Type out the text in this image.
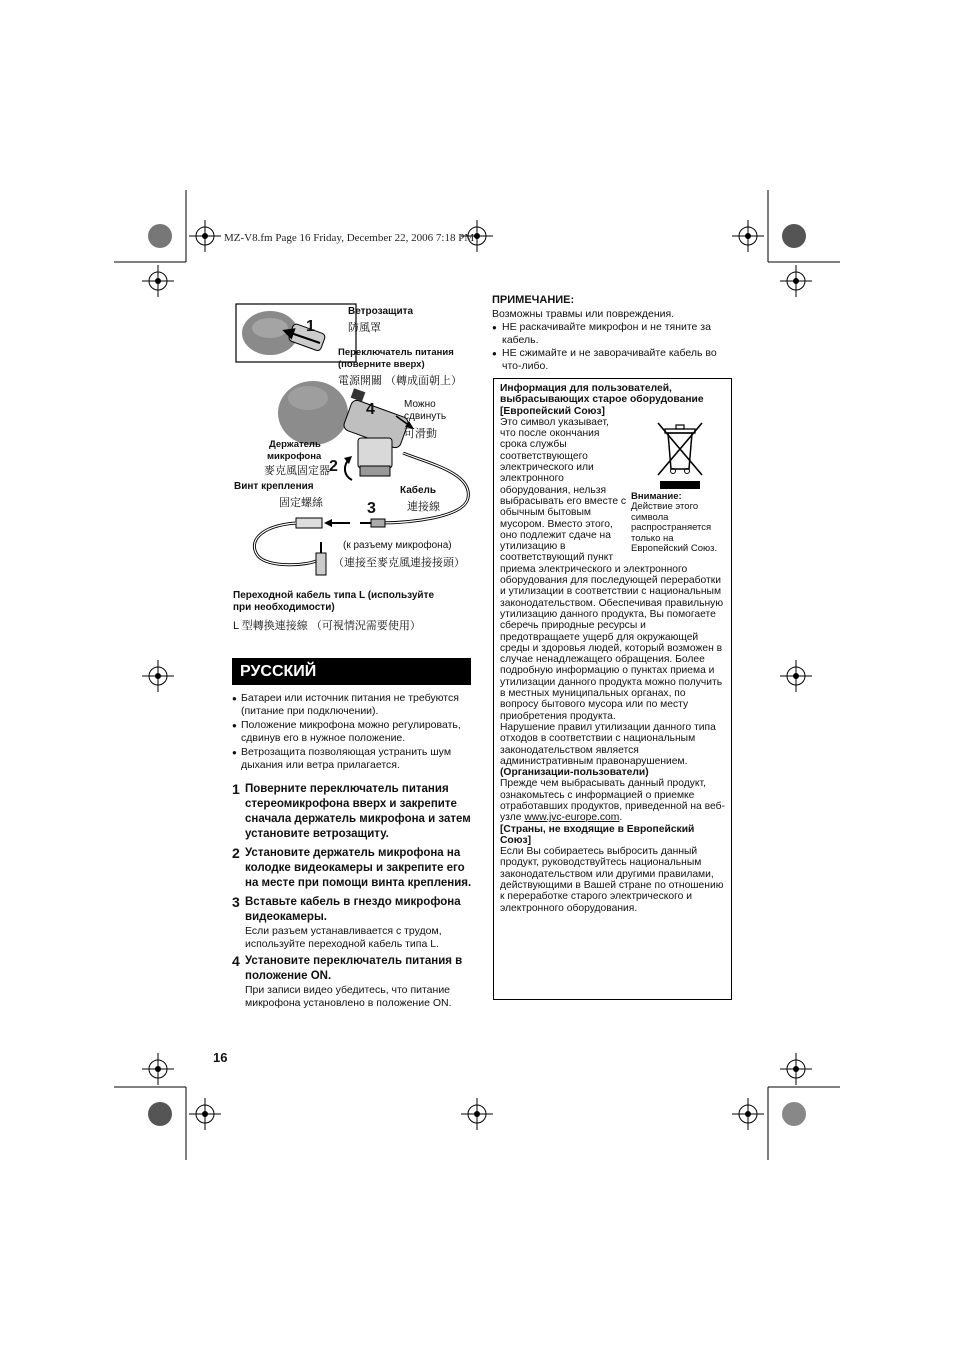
MZ-V8.fm Page 16 Friday, December 22, 2006 7:18 PM
1
4
2
3
Ветрозащита
防風罩
Переключатель питания
(поверните вверх)
電源開關 （轉成面朝上）
Можно
сдвинуть
可滑動
Держатель
микрофона
麥克風固定器
Винт крепления
固定螺絲
Кабель
連接線
(к разъему микрофона)
（連接至麥克風連接接頭）
Переходной кабель типа L (используйте
при необходимости)
L 型轉換連接線 （可視情況需要使用）
РУССКИЙ
● Батареи или источник питания не требуются (питание при подключении).
● Положение микрофона можно регулировать, сдвинув его в нужное положение.
● Ветрозащита позволяющая устранить шум дыхания или ветра прилагается.
1 Поверните переключатель питания стереомикрофона вверх и закрепите сначала держатель микрофона и затем установите ветрозащиту.
2 Установите держатель микрофона на колодке видеокамеры и закрепите его на месте при помощи винта крепления.
3 Вставьте кабель в гнездо микрофона видеокамеры.
Если разъем устанавливается с трудом, используйте переходной кабель типа L.
4 Установите переключатель питания в положение ON.
При записи видео убедитесь, что питание микрофона установлено в положение ON.
16
ПРИМЕЧАНИЕ:
Возможны травмы или повреждения.
● НЕ раскачивайте микрофон и не тяните за кабель.
● НЕ сжимайте и не заворачивайте кабель во что-либо.

Информация для пользователей, выбрасывающих старое оборудование

[Европейский Союз]

Внимание:
Действие этого символа распространяется только на Европейский Союз.

Это символ указывает, что после окончания срока службы соответствующего электрического или электронного оборудования, нельзя выбрасывать его вместе с обычным бытовым мусором. Вместо этого, оно подлежит сдаче на утилизацию в соответствующий пункт приема электрического и электронного оборудования для последующей переработки и утилизации в соответствии с национальным законодательством. Обеспечивая правильную утилизацию данного продукта, Вы помогаете сберечь природные ресурсы и предотвращаете ущерб для окружающей среды и здоровья людей, который возможен в случае ненадлежащего обращения. Более подробную информацию о пунктах приема и утилизации данного продукта можно получить в местных муниципальных органах, по вопросу бытового мусора или по месту приобретения продукта.

Нарушение правил утилизации данного типа отходов в соответствии с национальным законодательством является административным правонарушением.

(Организации-пользователи)

Прежде чем выбрасывать данный продукт, ознакомьтесь с информацией о приемке отработавших продуктов, приведенной на веб-узле www.jvc-europe.com.

[Страны, не входящие в Европейский Союз]

Если Вы собираетесь выбросить данный продукт, руководствуйтесь национальным законодательством или другими правилами, действующими в Вашей стране по отношению к переработке старого электрического и электронного оборудования.
